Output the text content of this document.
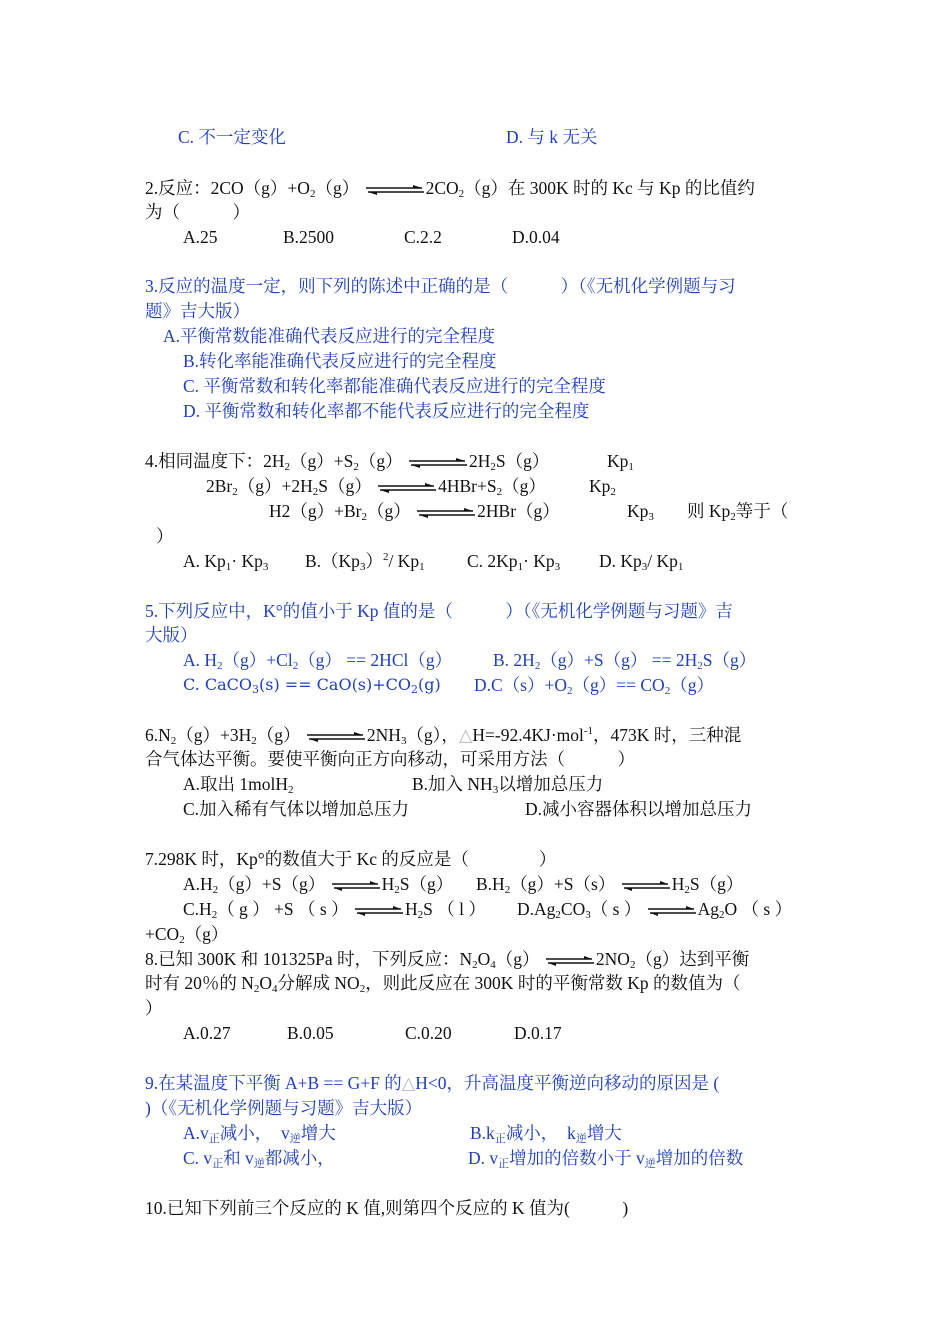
C. 不一定变化	D. 与 k 无关
2.反应：$2CO(g)+O_2(g)$ ⇌ $2CO_2(g)$在 300K 时的 Kc 与 Kp 的比值约
为（　　　）
A.25	B.2500	C.2.2	D.0.04
3.反应的温度一定，则下列的陈述中正确的是（　　　）（《无机化学例题与习
题》吉大版）
A.平衡常数能准确代表反应进行的完全程度
B.转化率能准确代表反应进行的完全程度
C. 平衡常数和转化率都能准确代表反应进行的完全程度
D. 平衡常数和转化率都不能代表反应进行的完全程度
4.相同温度下：$2H_2(g)+S_2(g)$ ⇌ $2H_2S(g)$	$Kp_1$
$2Br_2(g)+2H_2S(g)$ ⇌ $4HBr+S_2(g)$ $Kp_2$
$H2(g)+Br_2(g)$ ⇌ 2HBr（g）	$Kp_3$ 则 $Kp_2$等于（
）
A. $Kp_1\cdot Kp_3$ $B.(Kp_3)^2/$ $Kp_1$ C. $2Kp_1\cdot Kp_3$ D. $Kp_3/$ $Kp_1$
5.下列反应中，K°的值小于 Kp 值的是（　　　）（《无机化学例题与习题》吉
大版）
A. $H_2(g)+Cl_2(g) == 2HCl(g)$ B. $2H_2(g)+S(g) == 2H_2S(g)$
C. CaCO$_3$(s) == $CaO(s)+CO_2(g)$ $D.C(s)+O_2(g)== CO_2(g)$
$6.N_2(g)+3H_2(g)$ ⇌ $2NH_3(g)$，△H=-92.4KJ·mol$^{-1}$，473K 时，三种混
合气体达平衡。要使平衡向正方向移动，可采用方法（　　　）
A.取出 1molH$_2$	B.加入 $NH_3$以增加总压力
C.加入稀有气体以增加总压力	D.减小容器体积以增加总压力
7.298K 时，Kp°的数值大于 Kc 的反应是（　　　　）
$A.H_2(g)+S(g)$ ⇌ $H_2S(g)$ $B.H_2(g)+S(s)$ ⇌ $H_2S(g)$
$C.H_2$（ g ） +S （ s ） ⇌ $H_2S$ （ l ） $D.Ag_2CO_3$（ s ） ⇌ $Ag_2O$ （ s ）
$+CO_2(g)$
8.已知 300K 和 101325Pa 时，下列反应：$N_2O_4(g)$ ⇌ $2NO_2(g)$达到平衡
时有 20％的 $N_2O_4$分解成 $NO_2$，则此反应在 300K 时的平衡常数 Kp 的数值为（
）
A.0.27	B.0.05	C.0.20	D.0.17
9.在某温度下平衡 A+B == G+F 的△H<0，升高温度平衡逆向移动的原因是 (
)（《无机化学例题与习题》吉大版）
$A.v_正$减小，　$v_逆$增大	$B.k_正$减小，　$k_逆$增大
C. $v_正$和 $v_逆$都减小，	D. $v_正$增加的倍数小于 $v_逆$增加的倍数
10.已知下列前三个反应的 K 值,则第四个反应的 K 值为(　　　)
